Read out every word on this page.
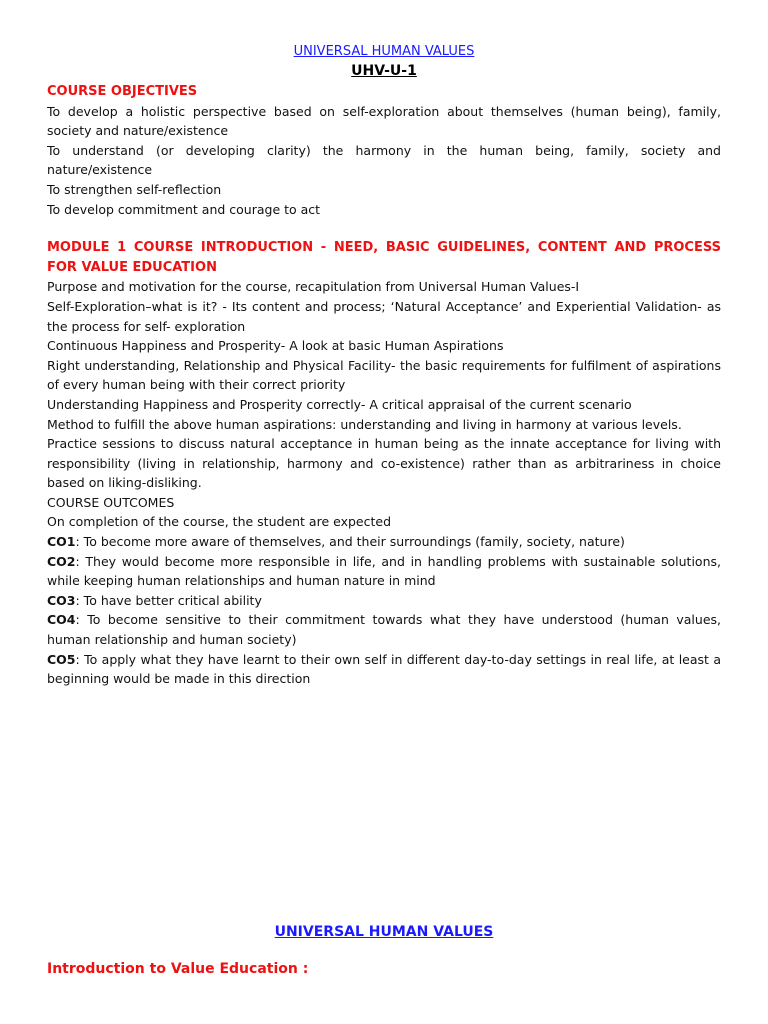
UNIVERSAL HUMAN VALUES

UHV-U-1

COURSE OBJECTIVES

To develop a holistic perspective based on self-exploration about themselves (human being), family, society and nature/existence

To understand (or developing clarity) the harmony in the human being, family, society and nature/existence

To strengthen self-reflection

To develop commitment and courage to act

MODULE 1 COURSE INTRODUCTION - NEED, BASIC GUIDELINES, CONTENT AND PROCESS FOR VALUE EDUCATION

Purpose and motivation for the course, recapitulation from Universal Human Values-I

Self-Exploration–what is it? - Its content and process; ‘Natural Acceptance’ and Experiential Validation- as the process for self- exploration

Continuous Happiness and Prosperity- A look at basic Human Aspirations

Right understanding, Relationship and Physical Facility- the basic requirements for fulfilment of aspirations of every human being with their correct priority

Understanding Happiness and Prosperity correctly- A critical appraisal of the current scenario

Method to fulfill the above human aspirations: understanding and living in harmony at various levels.

Practice sessions to discuss natural acceptance in human being as the innate acceptance for living with responsibility (living in relationship, harmony and co-existence) rather than as arbitrariness in choice based on liking-disliking.

COURSE OUTCOMES

On completion of the course, the student are expected

CO1: To become more aware of themselves, and their surroundings (family, society, nature)

CO2: They would become more responsible in life, and in handling problems with sustainable solutions, while keeping human relationships and human nature in mind

CO3: To have better critical ability

CO4: To become sensitive to their commitment towards what they have understood (human values, human relationship and human society)

CO5: To apply what they have learnt to their own self in different day-to-day settings in real life, at least a beginning would be made in this direction

UNIVERSAL HUMAN VALUES

Introduction to Value Education :
